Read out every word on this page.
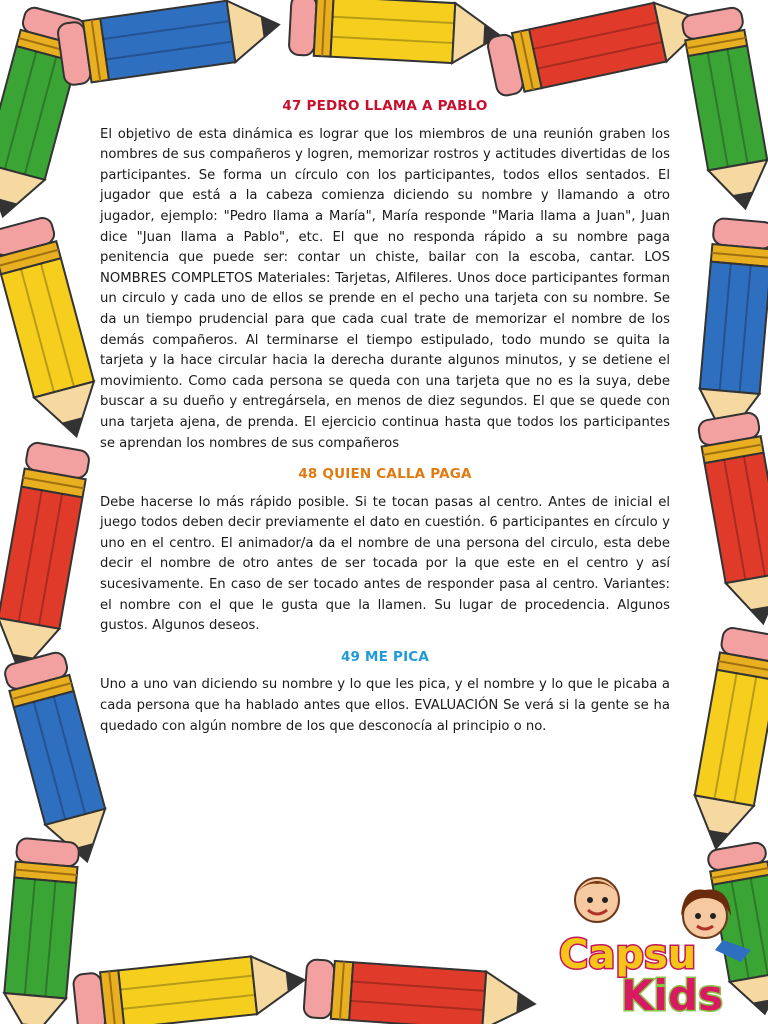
47 PEDRO LLAMA A PABLO

El objetivo de esta dinámica es lograr que los miembros de una reunión graben los nombres de sus compañeros y logren, memorizar rostros y actitudes divertidas de los participantes. Se forma un círculo con los participantes, todos ellos sentados. El jugador que está a la cabeza comienza diciendo su nombre y llamando a otro jugador, ejemplo: "Pedro llama a María", María responde "Maria llama a Juan", Juan dice "Juan llama a Pablo", etc. El que no responda rápido a su nombre paga penitencia que puede ser: contar un chiste, bailar con la escoba, cantar. LOS NOMBRES COMPLETOS Materiales: Tarjetas, Alfileres. Unos doce participantes forman un circulo y cada uno de ellos se prende en el pecho una tarjeta con su nombre. Se da un tiempo prudencial para que cada cual trate de memorizar el nombre de los demás compañeros. Al terminarse el tiempo estipulado, todo mundo se quita la tarjeta y la hace circular hacia la derecha durante algunos minutos, y se detiene el movimiento. Como cada persona se queda con una tarjeta que no es la suya, debe buscar a su dueño y entregársela, en menos de diez segundos. El que se quede con una tarjeta ajena, de prenda. El ejercicio continua hasta que todos los participantes se aprendan los nombres de sus compañeros

48 QUIEN CALLA PAGA

Debe hacerse lo más rápido posible. Si te tocan pasas al centro. Antes de inicial el juego todos deben decir previamente el dato en cuestión. 6 participantes en círculo y uno en el centro. El animador/a da el nombre de una persona del circulo, esta debe decir el nombre de otro antes de ser tocada por la que este en el centro y así sucesivamente. En caso de ser tocado antes de responder pasa al centro. Variantes: el nombre con el que le gusta que la llamen. Su lugar de procedencia. Algunos gustos. Algunos deseos.

49 ME PICA

Uno a uno van diciendo su nombre y lo que les pica, y el nombre y lo que le picaba a cada persona que ha hablado antes que ellos. EVALUACIÓN Se verá si la gente se ha quedado con algún nombre de los que desconocía al principio o no.

Capsu
Kids
